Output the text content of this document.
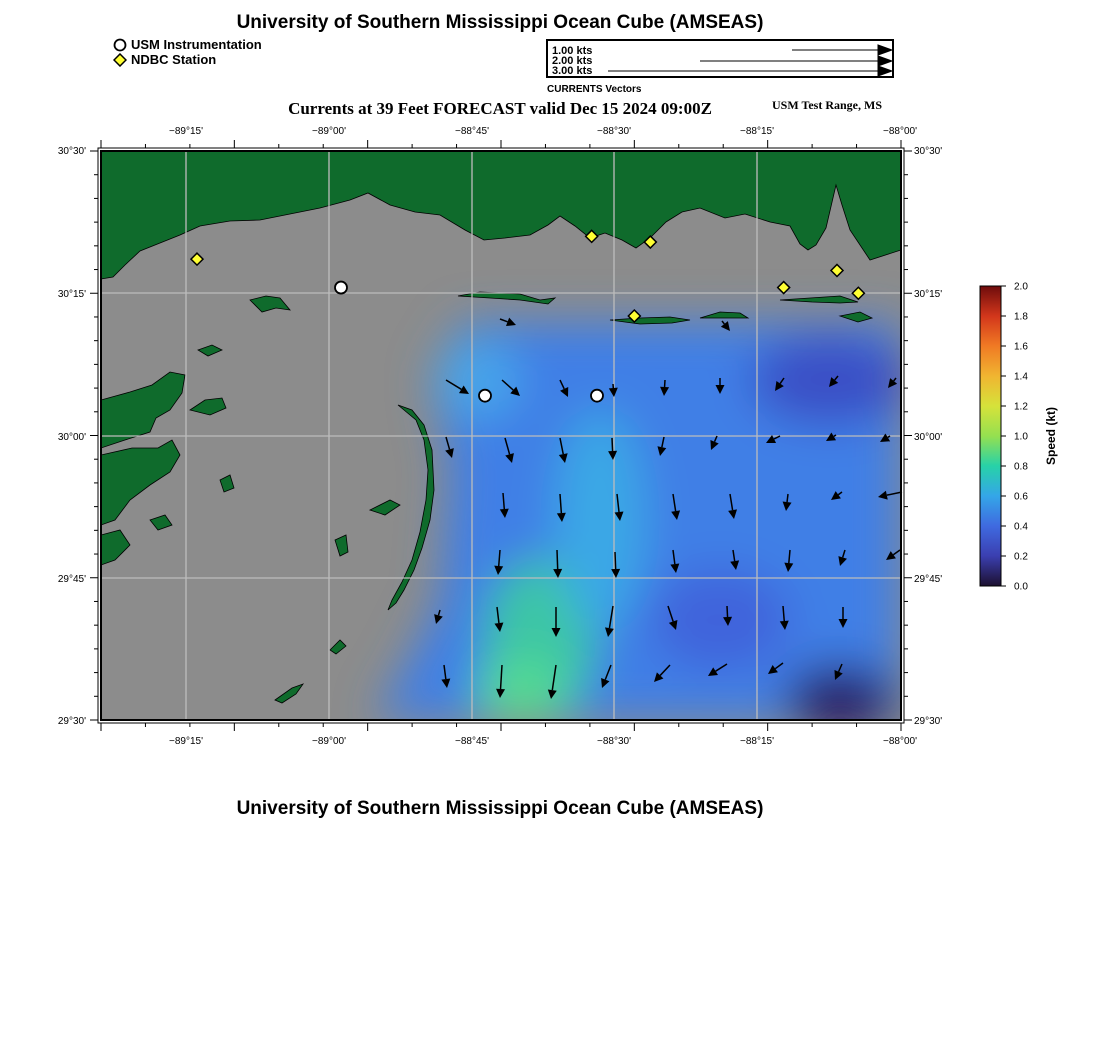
University of Southern Mississippi Ocean Cube (AMSEAS)
USM Instrumentation
NDBC Station
1.00 kts
2.00 kts
3.00 kts
CURRENTS Vectors
Currents at 39 Feet FORECAST valid Dec 15 2024 09:00Z	USM Test Range, MS
−89°15'	−89°00'	−88°45'	−88°30'	−88°15'	−88°00'
−89°15'	−89°00'	−88°45'	−88°30'	−88°15'	−88°00'
30°30'
30°15'
30°00'
29°45'
29°30'
30°30'
30°15'
30°00'
29°45'
29°30'
2.0
1.8
1.6
1.4
1.2
1.0
0.8
0.6
0.4
0.2
0.0
Speed (kt)
University of Southern Mississippi Ocean Cube (AMSEAS)
